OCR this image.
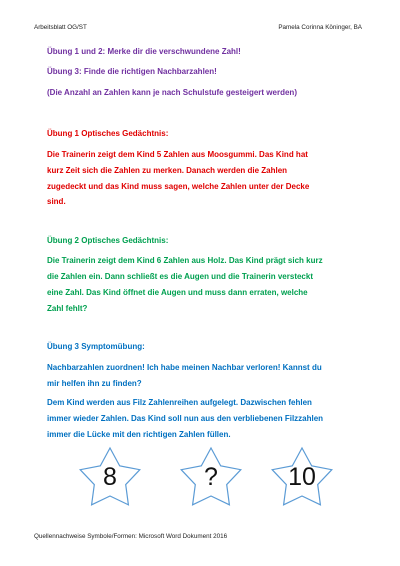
Arbeitsblatt OG/ST	Pamela Corinna Köninger, BA
Übung 1 und 2: Merke dir die verschwundene Zahl!
Übung 3: Finde die richtigen Nachbarzahlen!
(Die Anzahl an Zahlen kann je nach Schulstufe gesteigert werden)
Übung 1 Optisches Gedächtnis:
Die Trainerin zeigt dem Kind 5 Zahlen aus Moosgummi. Das Kind hat
kurz Zeit sich die Zahlen zu merken. Danach werden die Zahlen
zugedeckt und das Kind muss sagen, welche Zahlen unter der Decke
sind.
Übung 2 Optisches Gedächtnis:
Die Trainerin zeigt dem Kind 6 Zahlen aus Holz. Das Kind prägt sich kurz
die Zahlen ein. Dann schließt es die Augen und die Trainerin versteckt
eine Zahl. Das Kind öffnet die Augen und muss dann erraten, welche
Zahl fehlt?
Übung 3 Symptomübung:
Nachbarzahlen zuordnen! Ich habe meinen Nachbar verloren! Kannst du
mir helfen ihn zu finden?
Dem Kind werden aus Filz Zahlenreihen aufgelegt. Dazwischen fehlen
immer wieder Zahlen. Das Kind soll nun aus den verbliebenen Filzzahlen
immer die Lücke mit den richtigen Zahlen füllen.
8	?	10
Quellennachweise Symbole/Formen: Microsoft Word Dokument 2016
